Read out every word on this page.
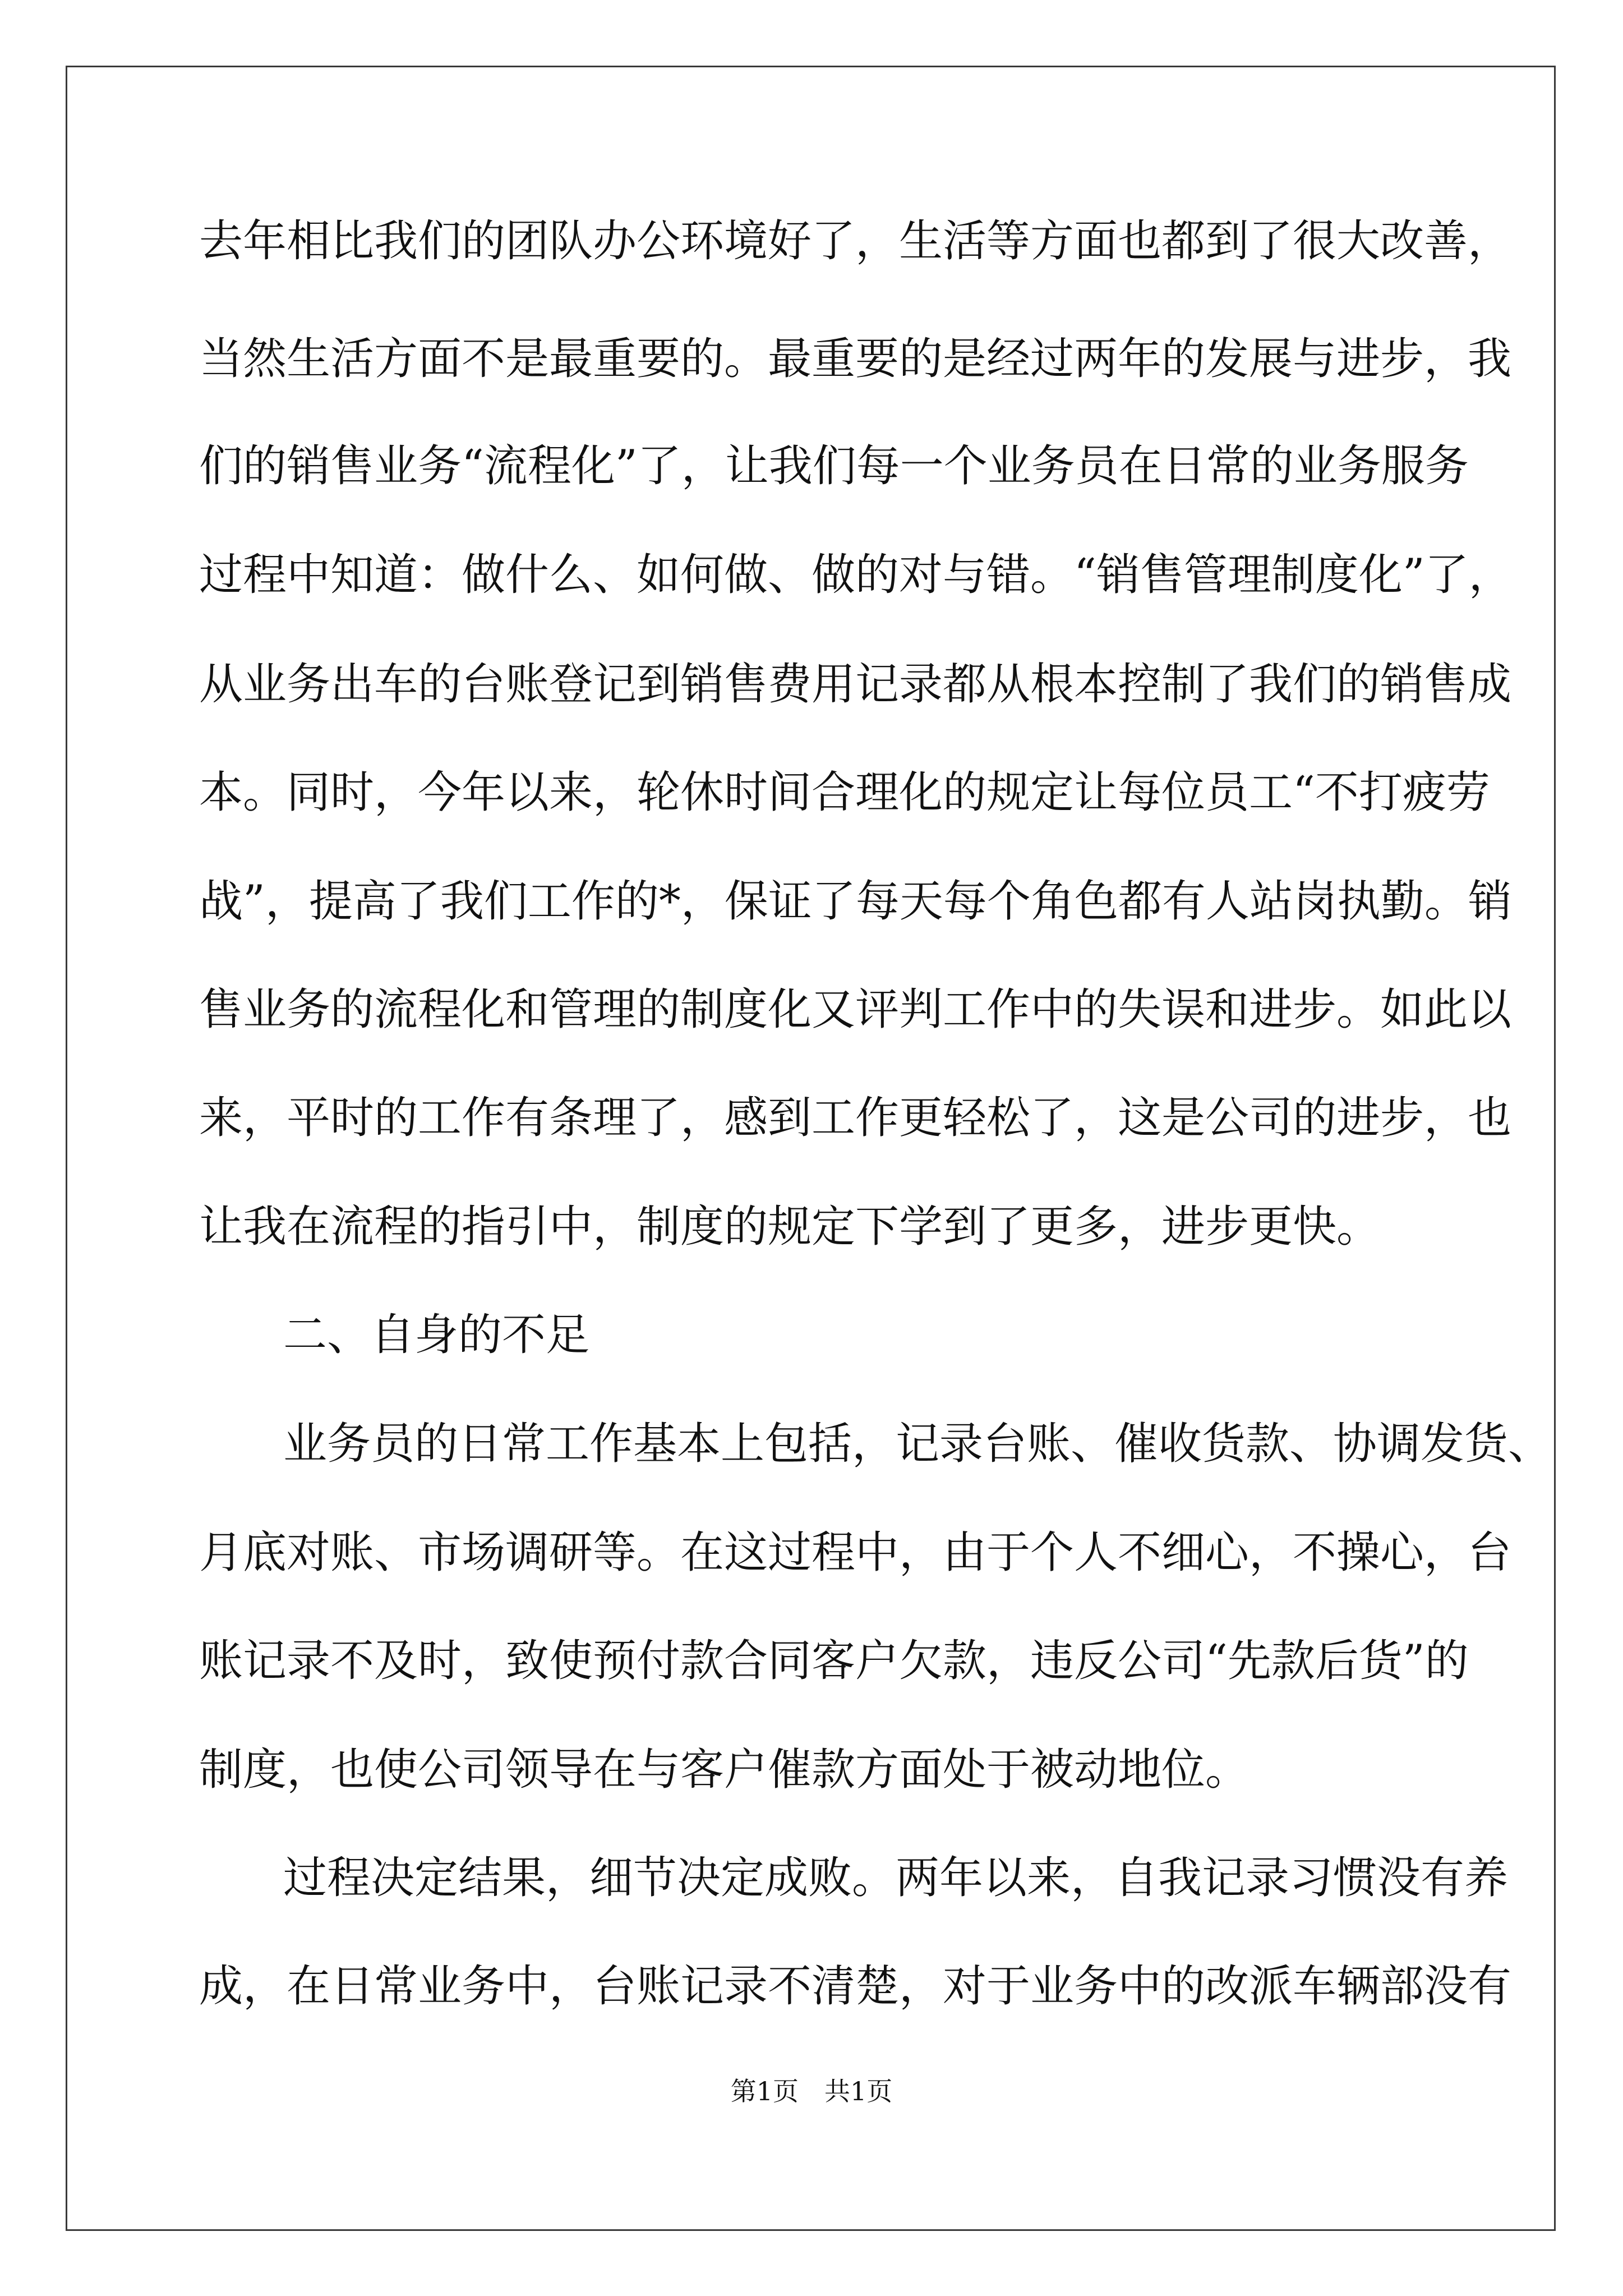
去年相比我们的团队办公环境好了，生活等方面也都到了很大改善，
当然生活方面不是最重要的。最重要的是经过两年的发展与进步，我
们的销售业务“流程化”了，让我们每一个业务员在日常的业务服务
过程中知道：做什么、如何做、做的对与错。“销售管理制度化”了，
从业务出车的台账登记到销售费用记录都从根本控制了我们的销售成
本。同时，今年以来，轮休时间合理化的规定让每位员工“不打疲劳
战”，提高了我们工作的*，保证了每天每个角色都有人站岗执勤。销
售业务的流程化和管理的制度化又评判工作中的失误和进步。如此以
来，平时的工作有条理了，感到工作更轻松了，这是公司的进步，也
让我在流程的指引中，制度的规定下学到了更多，进步更快。
二、自身的不足
业务员的日常工作基本上包括，记录台账、催收货款、协调发货、
月底对账、市场调研等。在这过程中，由于个人不细心，不操心，台
账记录不及时，致使预付款合同客户欠款，违反公司“先款后货”的
制度，也使公司领导在与客户催款方面处于被动地位。
过程决定结果，细节决定成败。两年以来，自我记录习惯没有养
成，在日常业务中，台账记录不清楚，对于业务中的改派车辆部没有
第1页 共1页
